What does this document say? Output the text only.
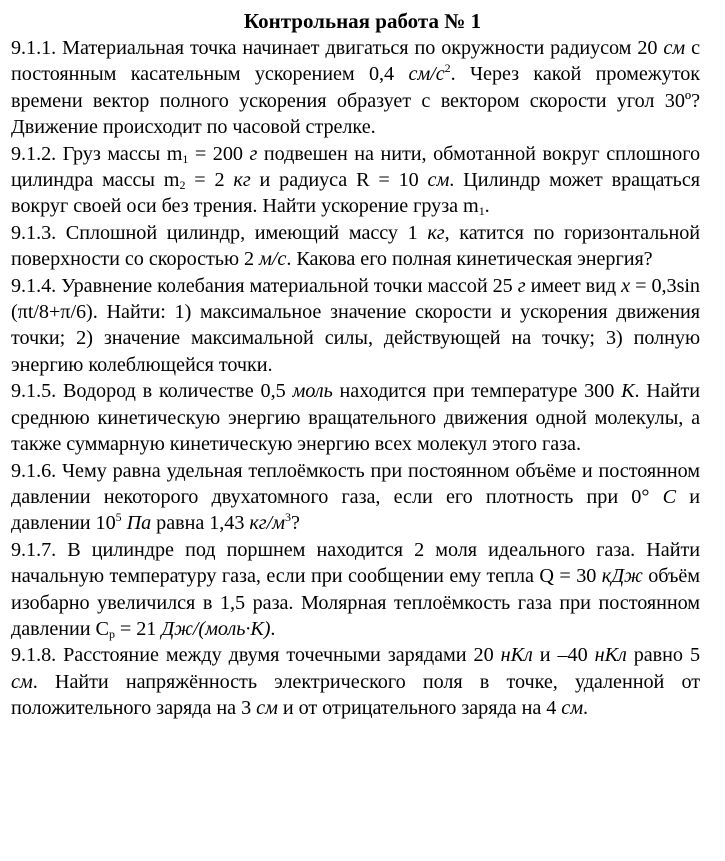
Контрольная работа № 1

9.1.1. Материальная точка начинает двигаться по окружности радиусом 20 см с постоянным касательным ускорением 0,4 $см/с^2$. Через какой промежуток времени вектор полного ускорения образует с вектором скорости угол 30º? Движение происходит по часовой стрелке.

9.1.2. Груз массы $m_1 = 200$ г подвешен на нити, обмотанной вокруг сплошного цилиндра массы $m_2 = 2$ кг и радиуса R = 10 см. Цилиндр может вращаться вокруг своей оси без трения. Найти ускорение груза $m_1$.

9.1.3. Сплошной цилиндр, имеющий массу 1 кг, катится по горизонтальной поверхности со скоростью 2 м/с. Какова его полная кинетическая энергия?

9.1.4. Уравнение колебания материальной точки массой 25 г имеет вид x = 0,3sin (πt/8+π/6). Найти: 1) максимальное значение скорости и ускорения движения точки; 2) значение максимальной силы, действующей на точку; 3) полную энергию колеблющейся точки.

9.1.5. Водород в количестве 0,5 моль находится при температуре 300 К. Найти среднюю кинетическую энергию вращательного движения одной молекулы, а также суммарную кинетическую энергию всех молекул этого газа.

9.1.6. Чему равна удельная теплоёмкость при постоянном объёме и постоянном давлении некоторого двухатомного газа, если его плотность при 0° С и давлении $10^5$ Па равна 1,43 $кг/м^3$?

9.1.7. В цилиндре под поршнем находится 2 моля идеального газа. Найти начальную температуру газа, если при сообщении ему тепла Q = 30 кДж объём изобарно увеличился в 1,5 раза. Молярная теплоёмкость газа при постоянном давлении $C_p = 21$ Дж/(моль·К).

9.1.8. Расстояние между двумя точечными зарядами 20 нКл и –40 нКл равно 5 см. Найти напряжённость электрического поля в точке, удаленной от положительного заряда на 3 см и от отрицательного заряда на 4 см.
